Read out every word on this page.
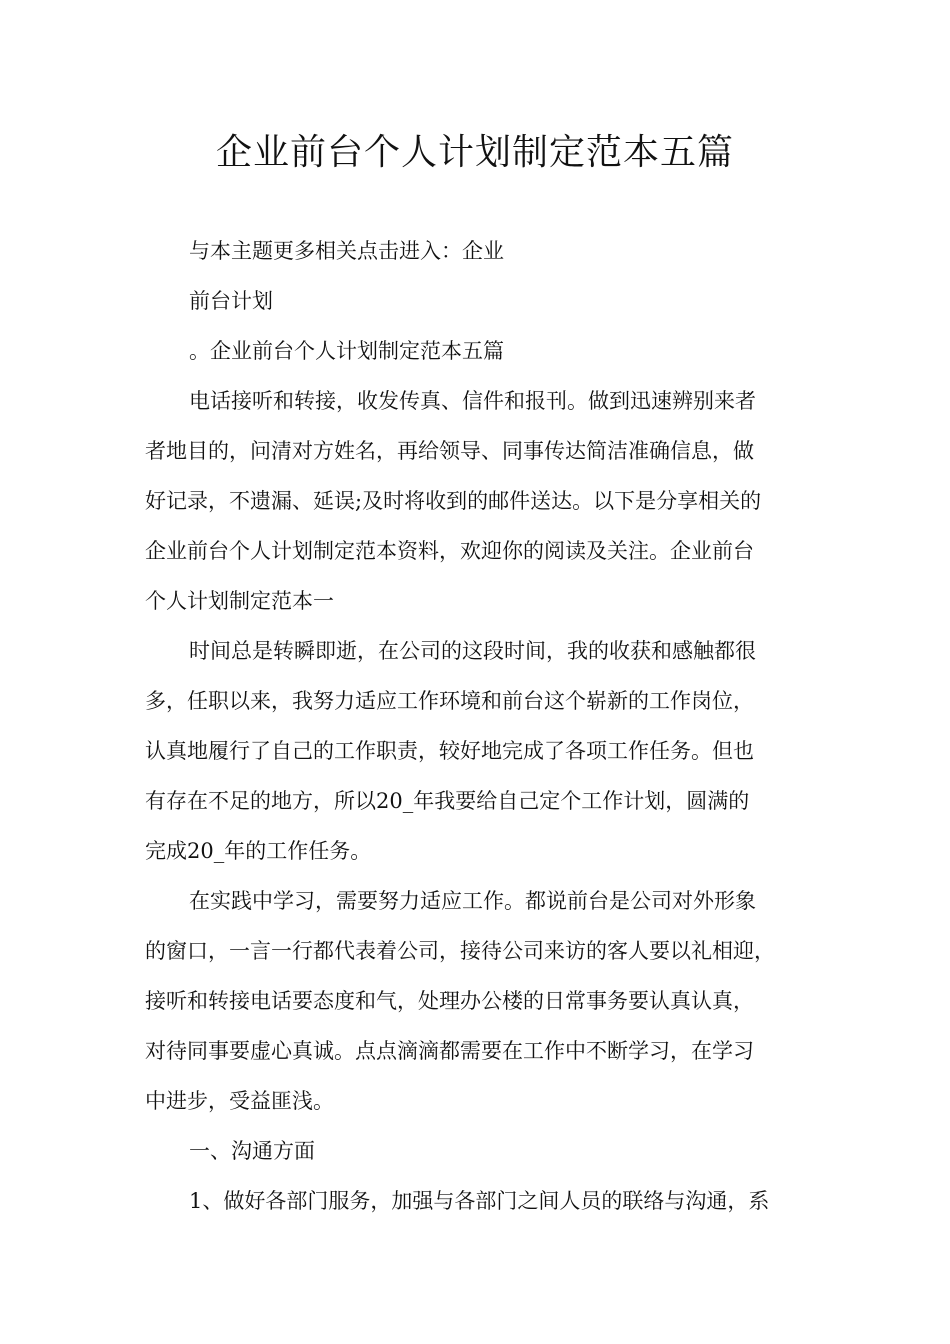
企业前台个人计划制定范本五篇
与本主题更多相关点击进入：企业
前台计划
。企业前台个人计划制定范本五篇
电话接听和转接，收发传真、信件和报刊。做到迅速辨别来者
者地目的，问清对方姓名，再给领导、同事传达简洁准确信息，做
好记录，不遗漏、延误;及时将收到的邮件送达。以下是分享相关的
企业前台个人计划制定范本资料，欢迎你的阅读及关注。企业前台
个人计划制定范本一
时间总是转瞬即逝，在公司的这段时间，我的收获和感触都很
多，任职以来，我努力适应工作环境和前台这个崭新的工作岗位，
认真地履行了自己的工作职责，较好地完成了各项工作任务。但也
有存在不足的地方，所以20_年我要给自己定个工作计划，圆满的
完成20_年的工作任务。
在实践中学习，需要努力适应工作。都说前台是公司对外形象
的窗口，一言一行都代表着公司，接待公司来访的客人要以礼相迎，
接听和转接电话要态度和气，处理办公楼的日常事务要认真认真，
对待同事要虚心真诚。点点滴滴都需要在工作中不断学习，在学习
中进步，受益匪浅。
一、沟通方面
1、做好各部门服务，加强与各部门之间人员的联络与沟通，系
